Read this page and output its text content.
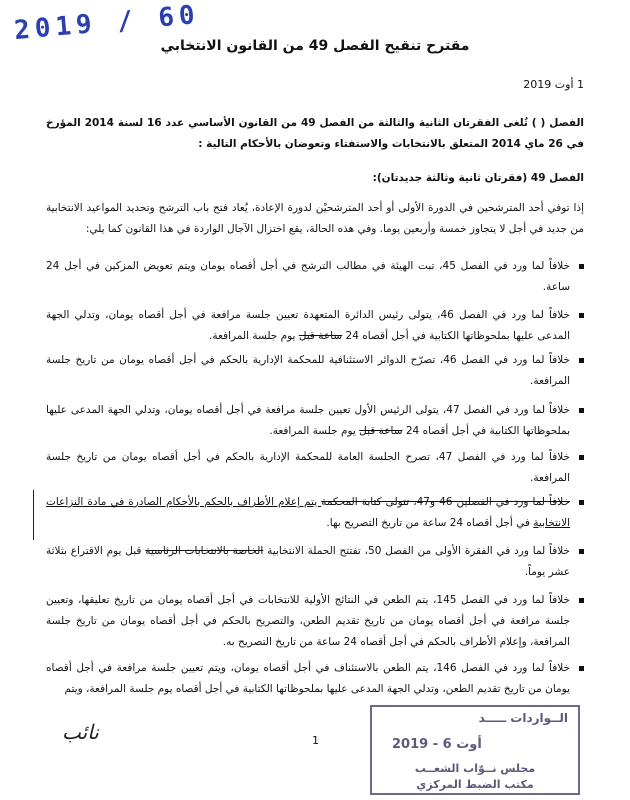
2019 / 60
مقترح تنقيح الفصل 49 من القانون الانتخابي
1 أوت 2019
الفصل ( ) تُلغى الفقرتان الثانية والثالثة من الفصل 49 من القانون الأساسي عدد 16 لسنة 2014 المؤرخ في 26 ماي 2014 المتعلق بالانتخابات والاستفتاء وتعوضان بالأحكام التالية :
الفصل 49 (فقرتان ثانية وثالثة جديدتان):
إذا توفي أحد المترشحين في الدورة الأولى أو أحد المترشحيْن لدورة الإعادة، يُعاد فتح باب الترشح وتحديد المواعيد الانتخابية من جديد في أجل لا يتجاوز خمسة وأربعين يوما. وفي هذه الحالة، يقع اختزال الآجال الواردة في هذا القانون كما يلي:
خلافاً لما ورد في الفصل 45، تبت الهيئة في مطالب الترشح في أجل أقصاه يومان ويتم تعويض المزكين في أجل 24 ساعة.
خلافاً لما ورد في الفصل 46، يتولى رئيس الدائرة المتعهدة تعيين جلسة مرافعة في أجل أقصاه يومان، وتدلي الجهة المدعى عليها بملحوظاتها الكتابية في أجل أقصاه 24 ساعة قبل يوم جلسة المرافعة.
خلافاً لما ورد في الفصل 46، تصرّح الدوائر الاستئنافية للمحكمة الإدارية بالحكم في أجل أقصاه يومان من تاريخ جلسة المرافعة.
خلافاً لما ورد في الفصل 47، يتولى الرئيس الأول تعيين جلسة مرافعة في أجل أقصاه يومان، وتدلي الجهة المدعى عليها بملحوظاتها الكتابية في أجل أقصاه 24 ساعة قبل يوم جلسة المرافعة.
خلافاً لما ورد في الفصل 47، تصرح الجلسة العامة للمحكمة الإدارية بالحكم في أجل أقصاه يومان من تاريخ جلسة المرافعة.
خلافاً لما ورد في الفصلين 46 و47، تتولى كتابة المحكمة يتم إعلام الأطراف بالحكم بالأحكام الصادرة في مادة النزاعات الانتخابية في أجل أقصاه 24 ساعة من تاريخ التصريح بها.
خلافاً لما ورد في الفقرة الأولى من الفصل 50، تفتتح الحملة الانتخابية الخاصة بالانتخابات الرئاسية قبل يوم الاقتراع بثلاثة عشر يوماً.
خلافاً لما ورد في الفصل 145، يتم الطعن في النتائج الأولية للانتخابات في أجل أقصاه يومان من تاريخ تعليقها، وتعيين جلسة مرافعة في أجل أقصاه يومان من تاريخ تقديم الطعن، والتصريح بالحكم في أجل أقصاه يومان من تاريخ جلسة المرافعة، وإعلام الأطراف بالحكم في أجل أقصاه 24 ساعة من تاريخ التصريح به.
خلافاً لما ورد في الفصل 146، يتم الطعن بالاستئناف في أجل أقصاه يومان، ويتم تعيين جلسة مرافعة في أجل أقصاه يومان من تاريخ تقديم الطعن، وتدلي الجهة المدعى عليها بملحوظاتها الكتابية في أجل أقصاه يوم جلسة المرافعة، ويتم
نائب	1
الــواردات ـــــد
2019 - أوت 6
مجلس نــوّاب الشعــب
مكتب الضبط المركزي
